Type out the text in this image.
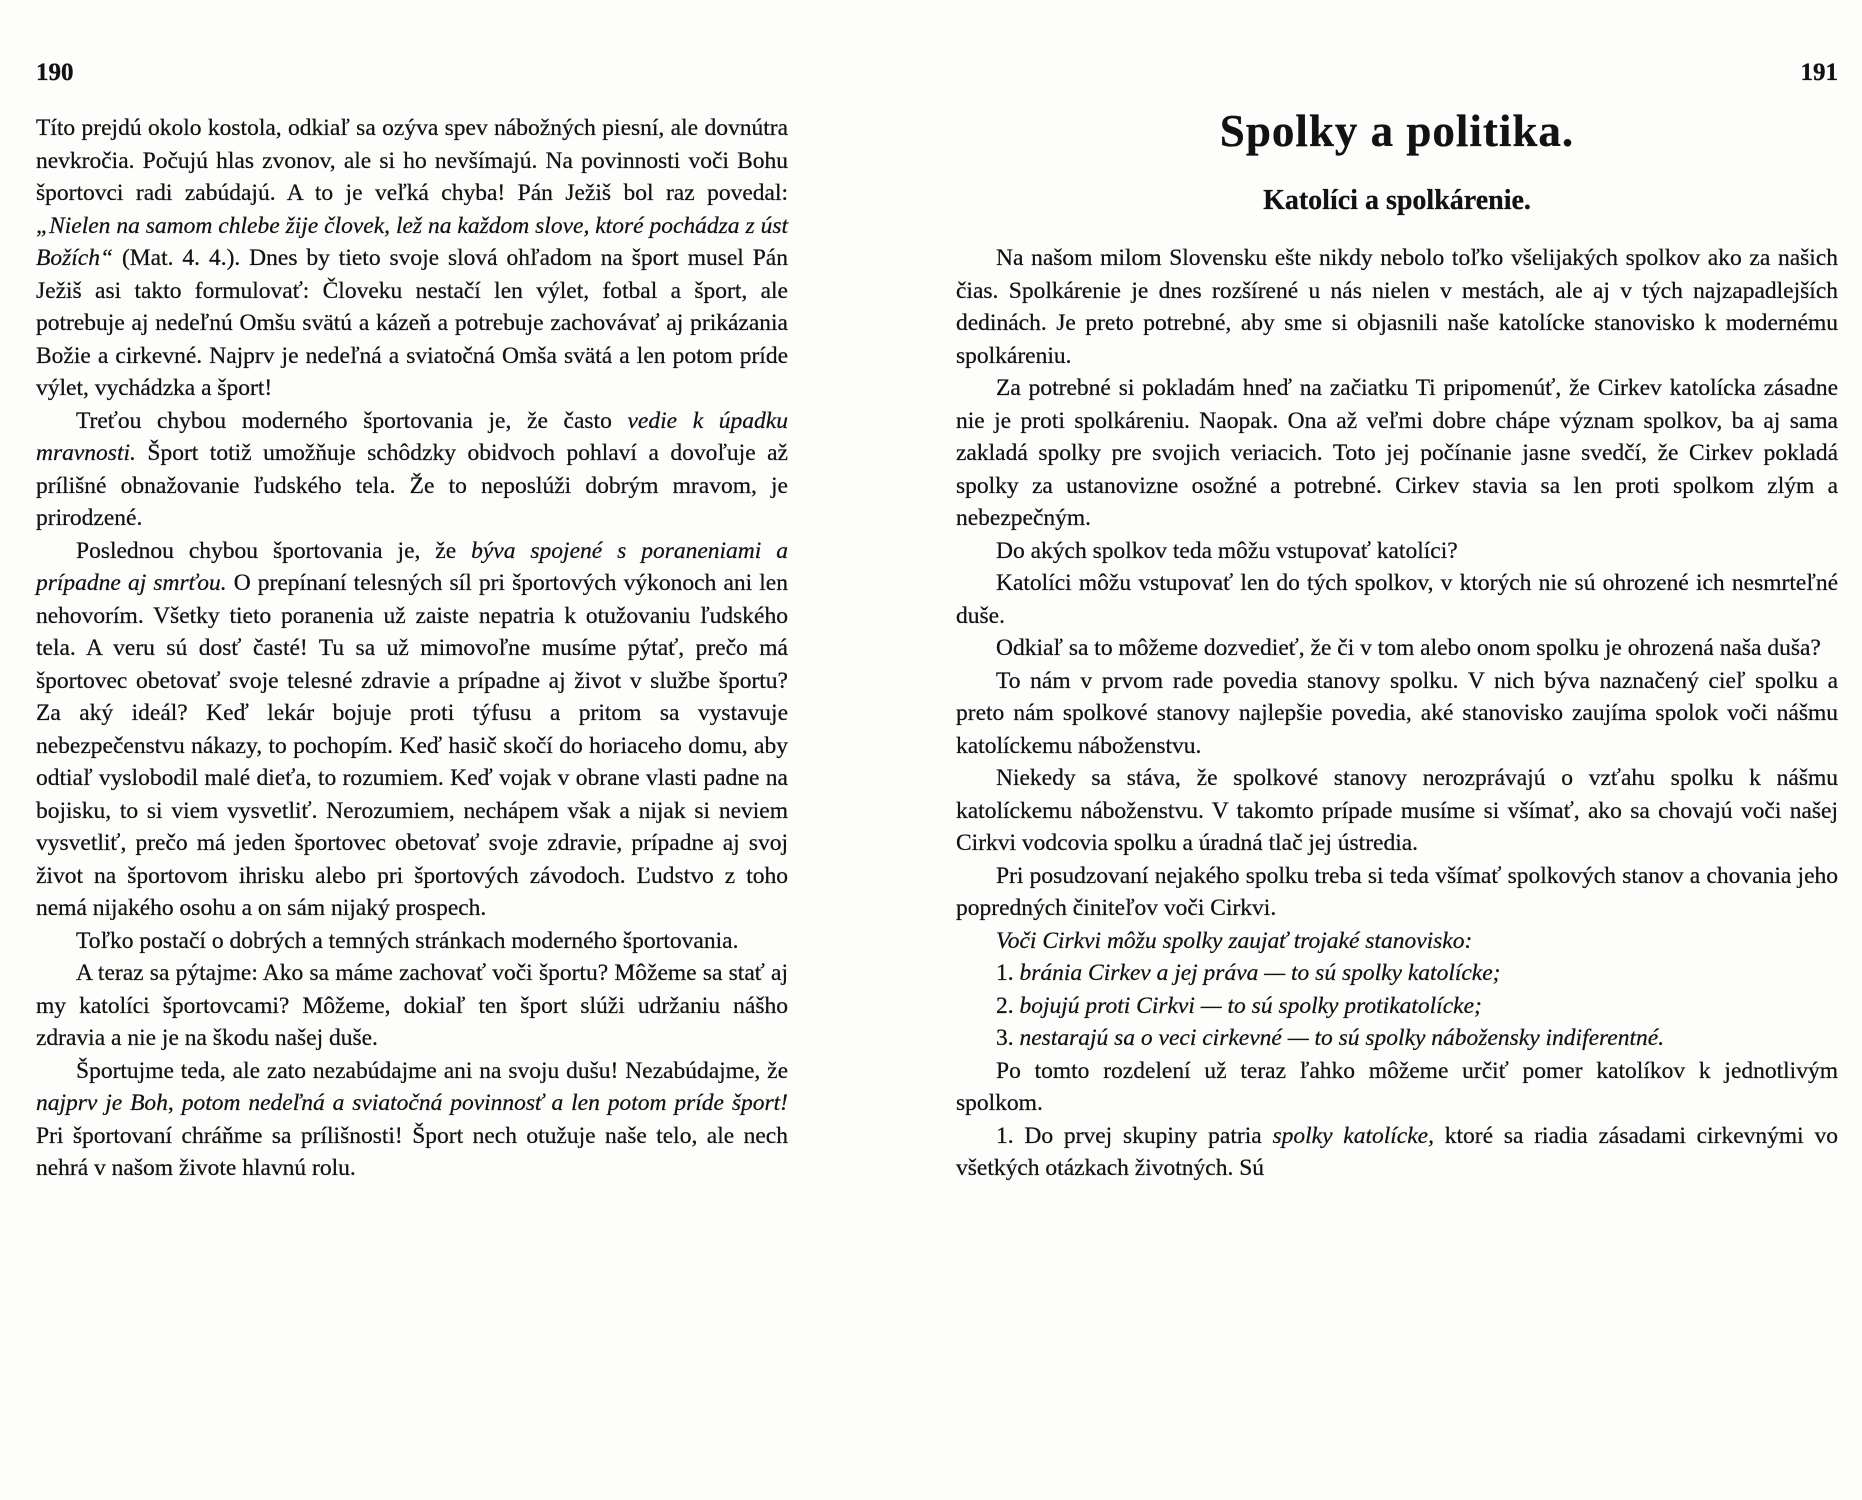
190

Títo prejdú okolo kostola, odkiaľ sa ozýva spev nábožných piesní, ale dovnútra nevkročia. Počujú hlas zvonov, ale si ho nevšímajú. Na povinnosti voči Bohu športovci radi zabúdajú. A to je veľká chyba! Pán Ježiš bol raz povedal: „Nielen na samom chlebe žije človek, lež na každom slove, ktoré pochádza z úst Božích“ (Mat. 4. 4.). Dnes by tieto svoje slová ohľadom na šport musel Pán Ježiš asi takto formulovať: Človeku nestačí len výlet, fotbal a šport, ale potrebuje aj nedeľnú Omšu svätú a kázeň a potrebuje zachovávať aj prikázania Božie a cirkevné. Najprv je nedeľná a sviatočná Omša svätá a len potom príde výlet, vychádzka a šport!

Treťou chybou moderného športovania je, že často vedie k úpadku mravnosti. Šport totiž umožňuje schôdzky obidvoch pohlaví a dovoľuje až prílišné obnažovanie ľudského tela. Že to neposlúži dobrým mravom, je prirodzené.

Poslednou chybou športovania je, že býva spojené s poraneniami a prípadne aj smrťou. O prepínaní telesných síl pri športových výkonoch ani len nehovorím. Všetky tieto poranenia už zaiste nepatria k otužovaniu ľudského tela. A veru sú dosť časté! Tu sa už mimovoľne musíme pýtať, prečo má športovec obetovať svoje telesné zdravie a prípadne aj život v službe športu? Za aký ideál? Keď lekár bojuje proti týfusu a pritom sa vystavuje nebezpečenstvu nákazy, to pochopím. Keď hasič skočí do horiaceho domu, aby odtiaľ vyslobodil malé dieťa, to rozumiem. Keď vojak v obrane vlasti padne na bojisku, to si viem vysvetliť. Nerozumiem, nechápem však a nijak si neviem vysvetliť, prečo má jeden športovec obetovať svoje zdravie, prípadne aj svoj život na športovom ihrisku alebo pri športových závodoch. Ľudstvo z toho nemá nijakého osohu a on sám nijaký prospech.

Toľko postačí o dobrých a temných stránkach moderného športovania.

A teraz sa pýtajme: Ako sa máme zachovať voči športu? Môžeme sa stať aj my katolíci športovcami? Môžeme, dokiaľ ten šport slúži udržaniu nášho zdravia a nie je na škodu našej duše.

Športujme teda, ale zato nezabúdajme ani na svoju dušu! Nezabúdajme, že najprv je Boh, potom nedeľná a sviatočná povinnosť a len potom príde šport! Pri športovaní chráňme sa prílišnosti! Šport nech otužuje naše telo, ale nech nehrá v našom živote hlavnú rolu.

191
Spolky a politika.
Katolíci a spolkárenie.

Na našom milom Slovensku ešte nikdy nebolo toľko všelijakých spolkov ako za našich čias. Spolkárenie je dnes rozšírené u nás nielen v mestách, ale aj v tých najzapadlejších dedinách. Je preto potrebné, aby sme si objasnili naše katolícke stanovisko k modernému spolkáreniu.

Za potrebné si pokladám hneď na začiatku Ti pripomenúť, že Cirkev katolícka zásadne nie je proti spolkáreniu. Naopak. Ona až veľmi dobre chápe význam spolkov, ba aj sama zakladá spolky pre svojich veriacich. Toto jej počínanie jasne svedčí, že Cirkev pokladá spolky za ustanovizne osožné a potrebné. Cirkev stavia sa len proti spolkom zlým a nebezpečným.

Do akých spolkov teda môžu vstupovať katolíci?

Katolíci môžu vstupovať len do tých spolkov, v ktorých nie sú ohrozené ich nesmrteľné duše.

Odkiaľ sa to môžeme dozvedieť, že či v tom alebo onom spolku je ohrozená naša duša?

To nám v prvom rade povedia stanovy spolku. V nich býva naznačený cieľ spolku a preto nám spolkové stanovy najlepšie povedia, aké stanovisko zaujíma spolok voči nášmu katolíckemu náboženstvu.

Niekedy sa stáva, že spolkové stanovy nerozprávajú o vzťahu spolku k nášmu katolíckemu náboženstvu. V takomto prípade musíme si všímať, ako sa chovajú voči našej Cirkvi vodcovia spolku a úradná tlač jej ústredia.

Pri posudzovaní nejakého spolku treba si teda všímať spolkových stanov a chovania jeho popredných činiteľov voči Cirkvi.

Voči Cirkvi môžu spolky zaujať trojaké stanovisko:

1. bránia Cirkev a jej práva — to sú spolky katolícke;

2. bojujú proti Cirkvi — to sú spolky protikatolícke;

3. nestarajú sa o veci cirkevné — to sú spolky nábožensky indiferentné.

Po tomto rozdelení už teraz ľahko môžeme určiť pomer katolíkov k jednotlivým spolkom.

1. Do prvej skupiny patria spolky katolícke, ktoré sa riadia zásadami cirkevnými vo všetkých otázkach životných. Sú
